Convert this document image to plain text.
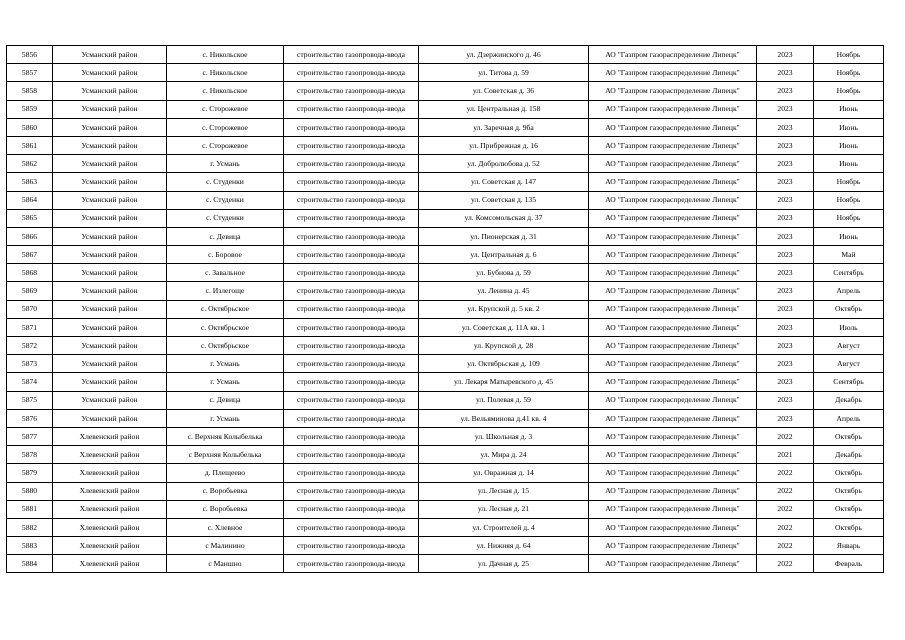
5856	Усманский район	с. Никольское	строительство газопровода-ввода	ул. Дзержинского д. 46	АО "Газпром газораспределение Липецк"	2023	Ноябрь
5857	Усманский район	с. Никольское	строительство газопровода-ввода	ул. Титова д. 59	АО "Газпром газораспределение Липецк"	2023	Ноябрь
5858	Усманский район	с. Никольское	строительство газопровода-ввода	ул. Советская д. 36	АО "Газпром газораспределение Липецк"	2023	Ноябрь
5859	Усманский район	с. Сторожевое	строительство газопровода-ввода	ул. Центральная д. 158	АО "Газпром газораспределение Липецк"	2023	Июнь
5860	Усманский район	с. Сторожевое	строительство газопровода-ввода	ул. Заречная д. 9ба	АО "Газпром газораспределение Липецк"	2023	Июнь
5861	Усманский район	с. Сторожевое	строительство газопровода-ввода	ул. Прибрежная д. 16	АО "Газпром газораспределение Липецк"	2023	Июнь
5862	Усманский район	г. Усмань	строительство газопровода-ввода	ул. Добролюбова д. 52	АО "Газпром газораспределение Липецк"	2023	Июнь
5863	Усманский район	с. Студенки	строительство газопровода-ввода	ул. Советская д. 147	АО "Газпром газораспределение Липецк"	2023	Ноябрь
5864	Усманский район	с. Студенки	строительство газопровода-ввода	ул. Советская д. 135	АО "Газпром газораспределение Липецк"	2023	Ноябрь
5865	Усманский район	с. Студенки	строительство газопровода-ввода	ул. Комсомольская д. 37	АО "Газпром газораспределение Липецк"	2023	Ноябрь
5866	Усманский район	с. Девица	строительство газопровода-ввода	ул. Пионерская д. 31	АО "Газпром газораспределение Липецк"	2023	Июнь
5867	Усманский район	с. Боровое	строительство газопровода-ввода	ул. Центральная д. 6	АО "Газпром газораспределение Липецк"	2023	Май
5868	Усманский район	с. Завальное	строительство газопровода-ввода	ул. Бубнова д. 59	АО "Газпром газораспределение Липецк"	2023	Сентябрь
5869	Усманский район	с. Излегоще	строительство газопровода-ввода	ул. Ленина д. 45	АО "Газпром газораспределение Липецк"	2023	Апрель
5870	Усманский район	с. Октябрьское	строительство газопровода-ввода	ул. Крупской д. 5 кв. 2	АО "Газпром газораспределение Липецк"	2023	Октябрь
5871	Усманский район	с. Октябрьское	строительство газопровода-ввода	ул. Советская д. 11А кв. 1	АО "Газпром газораспределение Липецк"	2023	Июль
5872	Усманский район	с. Октябрьское	строительство газопровода-ввода	ул. Крупской д. 28	АО "Газпром газораспределение Липецк"	2023	Август
5873	Усманский район	г. Усмань	строительство газопровода-ввода	ул. Октябрьская д. 109	АО "Газпром газораспределение Липецк"	2023	Август
5874	Усманский район	г. Усмань	строительство газопровода-ввода	ул. Лекаря Матыревского д. 45	АО "Газпром газораспределение Липецк"	2023	Сентябрь
5875	Усманский район	с. Девица	строительство газопровода-ввода	ул. Полевая д. 59	АО "Газпром газораспределение Липецк"	2023	Декабрь
5876	Усманский район	г. Усмань	строительство газопровода-ввода	ул. Вельяминова д.41 кв. 4	АО "Газпром газораспределение Липецк"	2023	Апрель
5877	Хлевенский район	с. Верхняя Колыбелька	строительство газопровода-ввода	ул. Школьная д. 3	АО "Газпром газораспределение Липецк"	2022	Октябрь
5878	Хлевенский район	с Верхняя Колыбелька	строительство газопровода-ввода	ул. Мира д. 24	АО "Газпром газораспределение Липецк"	2021	Декабрь
5879	Хлевенский район	д. Плещеево	строительство газопровода-ввода	ул. Овражная д. 14	АО "Газпром газораспределение Липецк"	2022	Октябрь
5880	Хлевенский район	с. Воробьевка	строительство газопровода-ввода	ул. Лесная д. 15	АО "Газпром газораспределение Липецк"	2022	Октябрь
5881	Хлевенский район	с. Воробьевка	строительство газопровода-ввода	ул. Лесная д. 21	АО "Газпром газораспределение Липецк"	2022	Октябрь
5882	Хлевенский район	с. Хлевное	строительство газопровода-ввода	ул. Строителей д. 4	АО "Газпром газораспределение Липецк"	2022	Октябрь
5883	Хлевенский район	с Малинино	строительство газопровода-ввода	ул. Нижняя д. 64	АО "Газпром газораспределение Липецк"	2022	Январь
5884	Хлевенский район	с Маншно	строительство газопровода-ввода	ул. Дачная д. 25	АО "Газпром газораспределение Липецк"	2022	Февраль
